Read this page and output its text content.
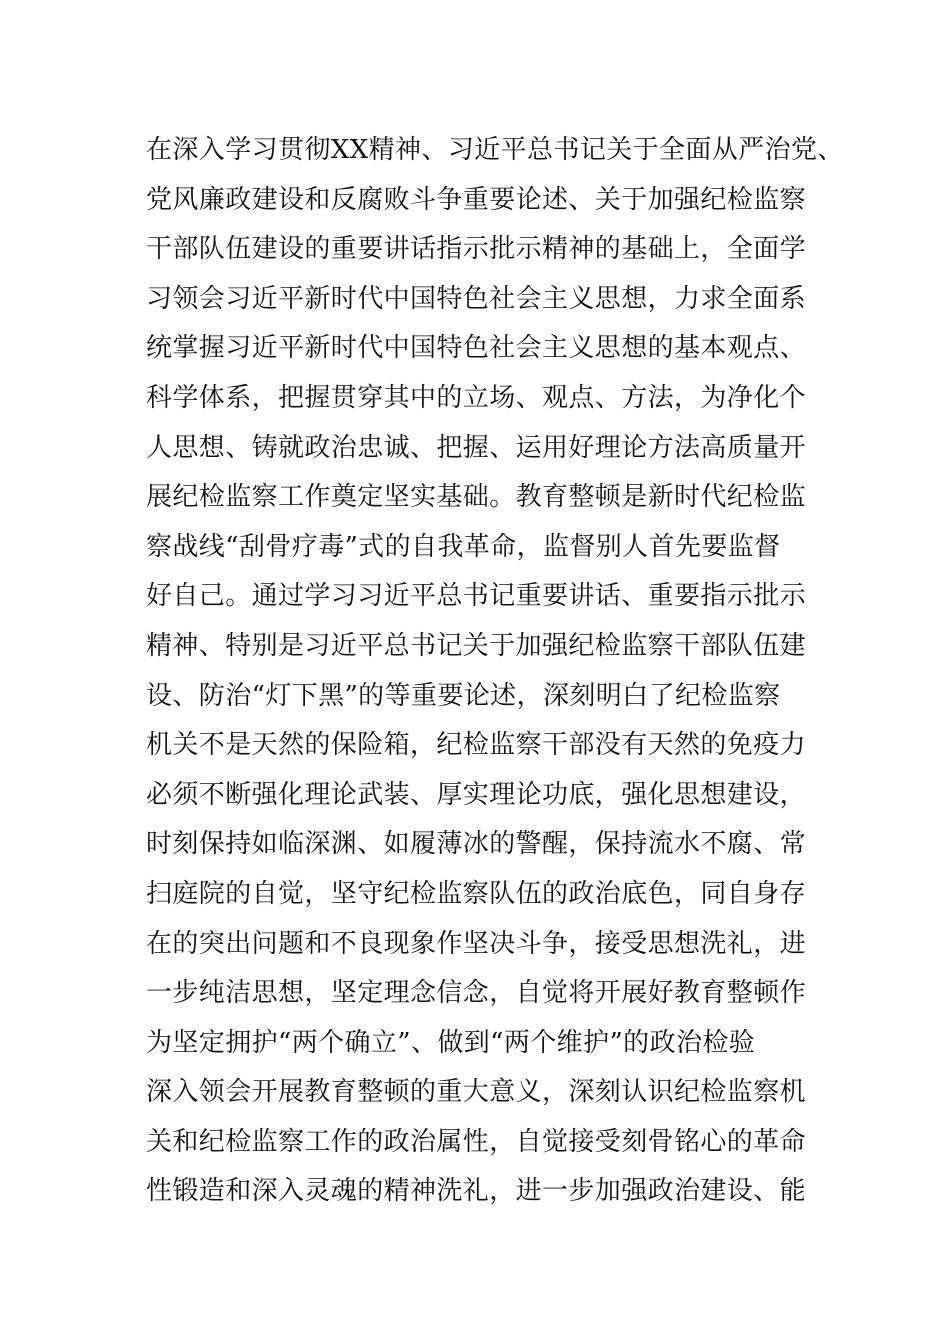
在深入学习贯彻XX精神、习近平总书记关于全面从严治党、
党风廉政建设和反腐败斗争重要论述、关于加强纪检监察
干部队伍建设的重要讲话指示批示精神的基础上，全面学
习领会习近平新时代中国特色社会主义思想，力求全面系
统掌握习近平新时代中国特色社会主义思想的基本观点、
科学体系，把握贯穿其中的立场、观点、方法，为净化个
人思想、铸就政治忠诚、把握、运用好理论方法高质量开
展纪检监察工作奠定坚实基础。教育整顿是新时代纪检监
察战线“刮骨疗毒”式的自我革命，监督别人首先要监督
好自己。通过学习习近平总书记重要讲话、重要指示批示
精神、特别是习近平总书记关于加强纪检监察干部队伍建
设、防治“灯下黑”的等重要论述，深刻明白了纪检监察
机关不是天然的保险箱，纪检监察干部没有天然的免疫力
必须不断强化理论武装、厚实理论功底，强化思想建设，
时刻保持如临深渊、如履薄冰的警醒，保持流水不腐、常
扫庭院的自觉，坚守纪检监察队伍的政治底色，同自身存
在的突出问题和不良现象作坚决斗争，接受思想洗礼，进
一步纯洁思想，坚定理念信念，自觉将开展好教育整顿作
为坚定拥护“两个确立”、做到“两个维护”的政治检验
深入领会开展教育整顿的重大意义，深刻认识纪检监察机
关和纪检监察工作的政治属性，自觉接受刻骨铭心的革命
性锻造和深入灵魂的精神洗礼，进一步加强政治建设、能
